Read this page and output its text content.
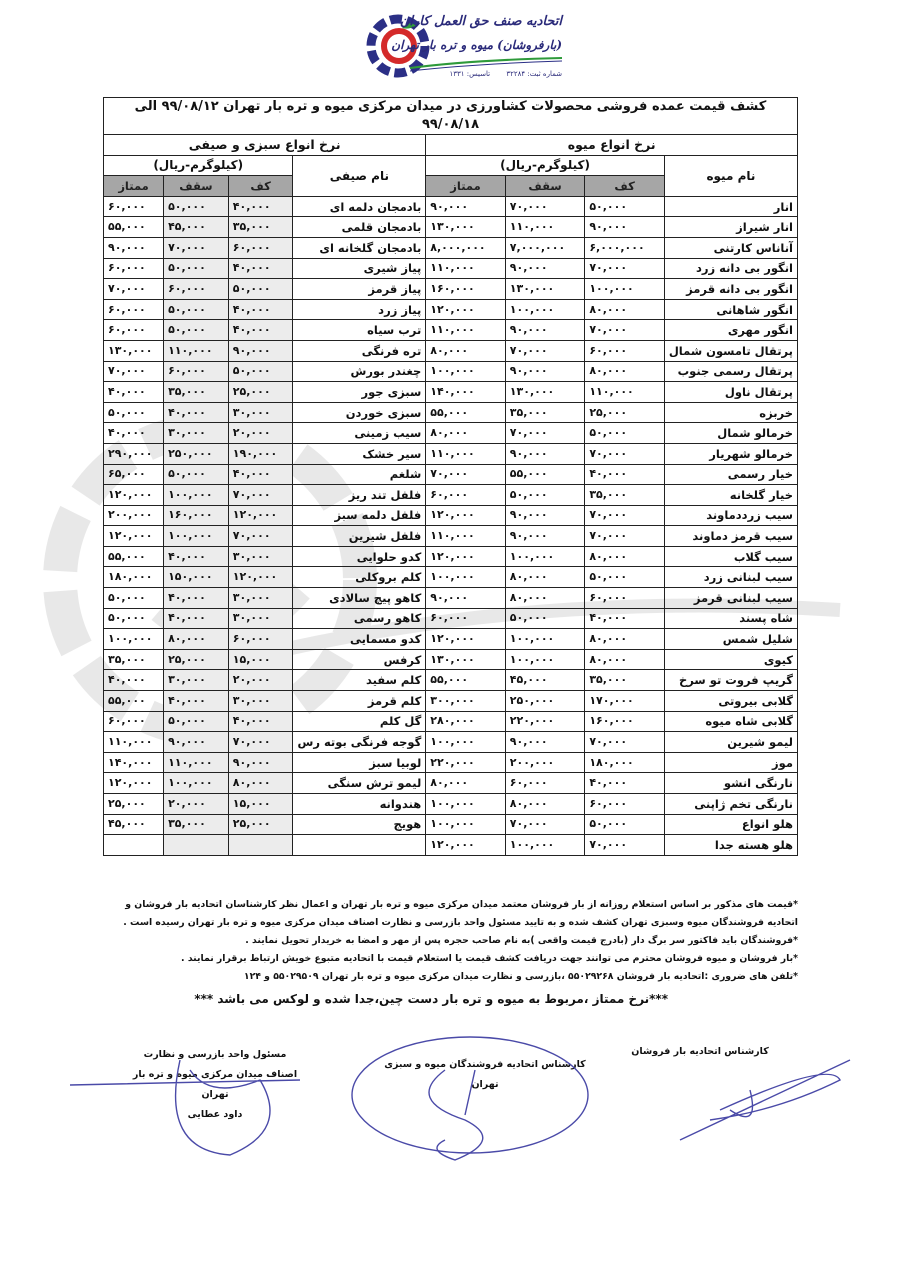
اتحادیه صنف حق العمل کاران
(بارفروشان) میوه و تره بار تهران
شماره ثبت: ۳۲۲۸۴ تاسیس: ۱۳۳۱
کشف قیمت عمده فروشی محصولات کشاورزی در میدان مرکزی میوه و تره بار تهران ۹۹/۰۸/۱۲ الی ۹۹/۰۸/۱۸							
نرخ انواع میوه				نرخ انواع سبزی و صیفی			
نام میوه	(کیلوگرم-ریال)			نام صیفی	(کیلوگرم-ریال)		
	کف	سقف	ممتاز		کف	سقف	ممتاز
انار	۵۰,۰۰۰	۷۰,۰۰۰	۹۰,۰۰۰	بادمجان دلمه ای	۴۰,۰۰۰	۵۰,۰۰۰	۶۰,۰۰۰
انار شیراز	۹۰,۰۰۰	۱۱۰,۰۰۰	۱۳۰,۰۰۰	بادمجان قلمی	۳۵,۰۰۰	۴۵,۰۰۰	۵۵,۰۰۰
آناناس کارتنی	۶,۰۰۰,۰۰۰	۷,۰۰۰,۰۰۰	۸,۰۰۰,۰۰۰	بادمجان گلخانه ای	۶۰,۰۰۰	۷۰,۰۰۰	۹۰,۰۰۰
انگور بی دانه زرد	۷۰,۰۰۰	۹۰,۰۰۰	۱۱۰,۰۰۰	پیاز شیری	۴۰,۰۰۰	۵۰,۰۰۰	۶۰,۰۰۰
انگور بی دانه قرمز	۱۰۰,۰۰۰	۱۳۰,۰۰۰	۱۶۰,۰۰۰	پیاز قرمز	۵۰,۰۰۰	۶۰,۰۰۰	۷۰,۰۰۰
انگور شاهانی	۸۰,۰۰۰	۱۰۰,۰۰۰	۱۲۰,۰۰۰	پیاز زرد	۴۰,۰۰۰	۵۰,۰۰۰	۶۰,۰۰۰
انگور مهری	۷۰,۰۰۰	۹۰,۰۰۰	۱۱۰,۰۰۰	ترب سیاه	۴۰,۰۰۰	۵۰,۰۰۰	۶۰,۰۰۰
پرتقال تامسون شمال	۶۰,۰۰۰	۷۰,۰۰۰	۸۰,۰۰۰	تره فرنگی	۹۰,۰۰۰	۱۱۰,۰۰۰	۱۳۰,۰۰۰
پرتقال رسمی جنوب	۸۰,۰۰۰	۹۰,۰۰۰	۱۰۰,۰۰۰	چغندر بورش	۵۰,۰۰۰	۶۰,۰۰۰	۷۰,۰۰۰
پرتقال ناول	۱۱۰,۰۰۰	۱۳۰,۰۰۰	۱۴۰,۰۰۰	سبزی جور	۲۵,۰۰۰	۳۵,۰۰۰	۴۰,۰۰۰
خربزه	۲۵,۰۰۰	۳۵,۰۰۰	۵۵,۰۰۰	سبزی خوردن	۳۰,۰۰۰	۴۰,۰۰۰	۵۰,۰۰۰
خرمالو شمال	۵۰,۰۰۰	۷۰,۰۰۰	۸۰,۰۰۰	سیب زمینی	۲۰,۰۰۰	۳۰,۰۰۰	۴۰,۰۰۰
خرمالو شهریار	۷۰,۰۰۰	۹۰,۰۰۰	۱۱۰,۰۰۰	سیر خشک	۱۹۰,۰۰۰	۲۵۰,۰۰۰	۲۹۰,۰۰۰
خیار رسمی	۴۰,۰۰۰	۵۵,۰۰۰	۷۰,۰۰۰	شلغم	۴۰,۰۰۰	۵۰,۰۰۰	۶۵,۰۰۰
خیار گلخانه	۳۵,۰۰۰	۵۰,۰۰۰	۶۰,۰۰۰	فلفل تند ریز	۷۰,۰۰۰	۱۰۰,۰۰۰	۱۲۰,۰۰۰
سیب زرددماوند	۷۰,۰۰۰	۹۰,۰۰۰	۱۲۰,۰۰۰	فلفل دلمه سبز	۱۲۰,۰۰۰	۱۶۰,۰۰۰	۲۰۰,۰۰۰
سیب قرمز دماوند	۷۰,۰۰۰	۹۰,۰۰۰	۱۱۰,۰۰۰	فلفل شیرین	۷۰,۰۰۰	۱۰۰,۰۰۰	۱۲۰,۰۰۰
سیب گلاب	۸۰,۰۰۰	۱۰۰,۰۰۰	۱۲۰,۰۰۰	کدو حلوایی	۳۰,۰۰۰	۴۰,۰۰۰	۵۵,۰۰۰
سیب لبنانی زرد	۵۰,۰۰۰	۸۰,۰۰۰	۱۰۰,۰۰۰	کلم بروکلی	۱۲۰,۰۰۰	۱۵۰,۰۰۰	۱۸۰,۰۰۰
سیب لبنانی قرمز	۶۰,۰۰۰	۸۰,۰۰۰	۹۰,۰۰۰	کاهو پیچ سالادی	۳۰,۰۰۰	۴۰,۰۰۰	۵۰,۰۰۰
شاه پسند	۴۰,۰۰۰	۵۰,۰۰۰	۶۰,۰۰۰	کاهو رسمی	۳۰,۰۰۰	۴۰,۰۰۰	۵۰,۰۰۰
شلیل شمس	۸۰,۰۰۰	۱۰۰,۰۰۰	۱۲۰,۰۰۰	کدو مسمایی	۶۰,۰۰۰	۸۰,۰۰۰	۱۰۰,۰۰۰
کیوی	۸۰,۰۰۰	۱۰۰,۰۰۰	۱۳۰,۰۰۰	کرفس	۱۵,۰۰۰	۲۵,۰۰۰	۳۵,۰۰۰
گریپ فروت تو سرخ	۳۵,۰۰۰	۴۵,۰۰۰	۵۵,۰۰۰	کلم سفید	۲۰,۰۰۰	۳۰,۰۰۰	۴۰,۰۰۰
گلابی بیروتی	۱۷۰,۰۰۰	۲۵۰,۰۰۰	۳۰۰,۰۰۰	کلم قرمز	۳۰,۰۰۰	۴۰,۰۰۰	۵۵,۰۰۰
گلابی شاه میوه	۱۶۰,۰۰۰	۲۲۰,۰۰۰	۲۸۰,۰۰۰	گل کلم	۴۰,۰۰۰	۵۰,۰۰۰	۶۰,۰۰۰
لیمو شیرین	۷۰,۰۰۰	۹۰,۰۰۰	۱۰۰,۰۰۰	گوجه فرنگی بوته رس	۷۰,۰۰۰	۹۰,۰۰۰	۱۱۰,۰۰۰
موز	۱۸۰,۰۰۰	۲۰۰,۰۰۰	۲۲۰,۰۰۰	لوبیا سبز	۹۰,۰۰۰	۱۱۰,۰۰۰	۱۴۰,۰۰۰
نارنگی انشو	۴۰,۰۰۰	۶۰,۰۰۰	۸۰,۰۰۰	لیمو ترش سنگی	۸۰,۰۰۰	۱۰۰,۰۰۰	۱۲۰,۰۰۰
نارنگی تخم ژاپنی	۶۰,۰۰۰	۸۰,۰۰۰	۱۰۰,۰۰۰	هندوانه	۱۵,۰۰۰	۲۰,۰۰۰	۲۵,۰۰۰
هلو انواع	۵۰,۰۰۰	۷۰,۰۰۰	۱۰۰,۰۰۰	هویج	۲۵,۰۰۰	۳۵,۰۰۰	۴۵,۰۰۰
هلو هسته جدا	۷۰,۰۰۰	۱۰۰,۰۰۰	۱۲۰,۰۰۰				
*قیمت های مذکور بر اساس استعلام روزانه از بار فروشان معتمد میدان مرکزی میوه و تره بار تهران و اعمال نظر کارشناسان اتحادیه بار فروشان و
اتحادیه فروشندگان میوه وسبزی تهران کشف شده و به تایید مسئول واحد بازرسی و نظارت اصناف میدان مرکزی میوه و تره بار تهران رسیده است .
*فروشندگان باید فاکتور سر برگ دار (بادرج قیمت واقعی )به نام صاحب حجره پس از مهر و امضا به خریدار تحویل نمایند .
*بار فروشان و میوه فروشان محترم می توانند جهت دریافت کشف قیمت یا استعلام قیمت با اتحادیه متبوع خویش ارتباط برقرار نمایند .
*تلفن های ضروری :اتحادیه بار فروشان ۵۵۰۲۹۲۶۸ ،بازرسی و نظارت میدان مرکزی میوه و تره بار تهران ۵۵۰۲۹۵۰۹ و ۱۲۴
***نرخ ممتاز ،مربوط به میوه و تره بار دست چین،جدا شده و لوکس می باشد ***
مسئول واحد بازرسی و نظارت
اصناف میدان مرکزی میوه و تره بار تهران
داود عطایی
کارشناس اتحادیه فروشندگان میوه و سبزی تهران
کارشناس اتحادیه بار فروشان
